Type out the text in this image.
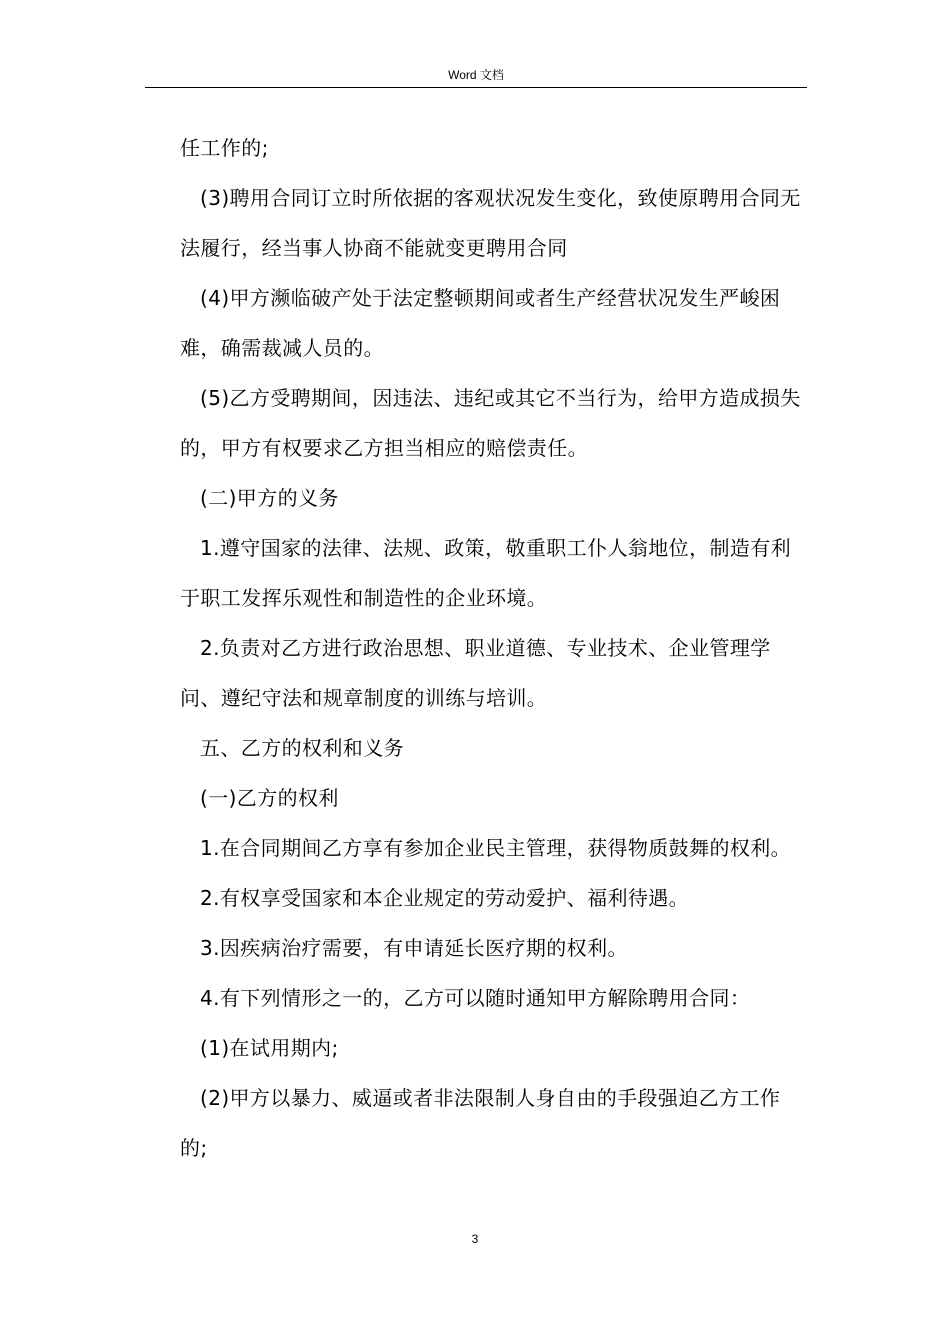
Word 文档

任工作的;

(3)聘用合同订立时所依据的客观状况发生变化，致使原聘用合同无法履行，经当事人协商不能就变更聘用合同

(4)甲方濒临破产处于法定整顿期间或者生产经营状况发生严峻困难，确需裁减人员的。

(5)乙方受聘期间，因违法、违纪或其它不当行为，给甲方造成损失的，甲方有权要求乙方担当相应的赔偿责任。

(二)甲方的义务

1.遵守国家的法律、法规、政策，敬重职工仆人翁地位，制造有利于职工发挥乐观性和制造性的企业环境。

2.负责对乙方进行政治思想、职业道德、专业技术、企业管理学问、遵纪守法和规章制度的训练与培训。

五、乙方的权利和义务

(一)乙方的权利

1.在合同期间乙方享有参加企业民主管理，获得物质鼓舞的权利。

2.有权享受国家和本企业规定的劳动爱护、福利待遇。

3.因疾病治疗需要，有申请延长医疗期的权利。

4.有下列情形之一的，乙方可以随时通知甲方解除聘用合同：

(1)在试用期内;

(2)甲方以暴力、威逼或者非法限制人身自由的手段强迫乙方工作的;

3
